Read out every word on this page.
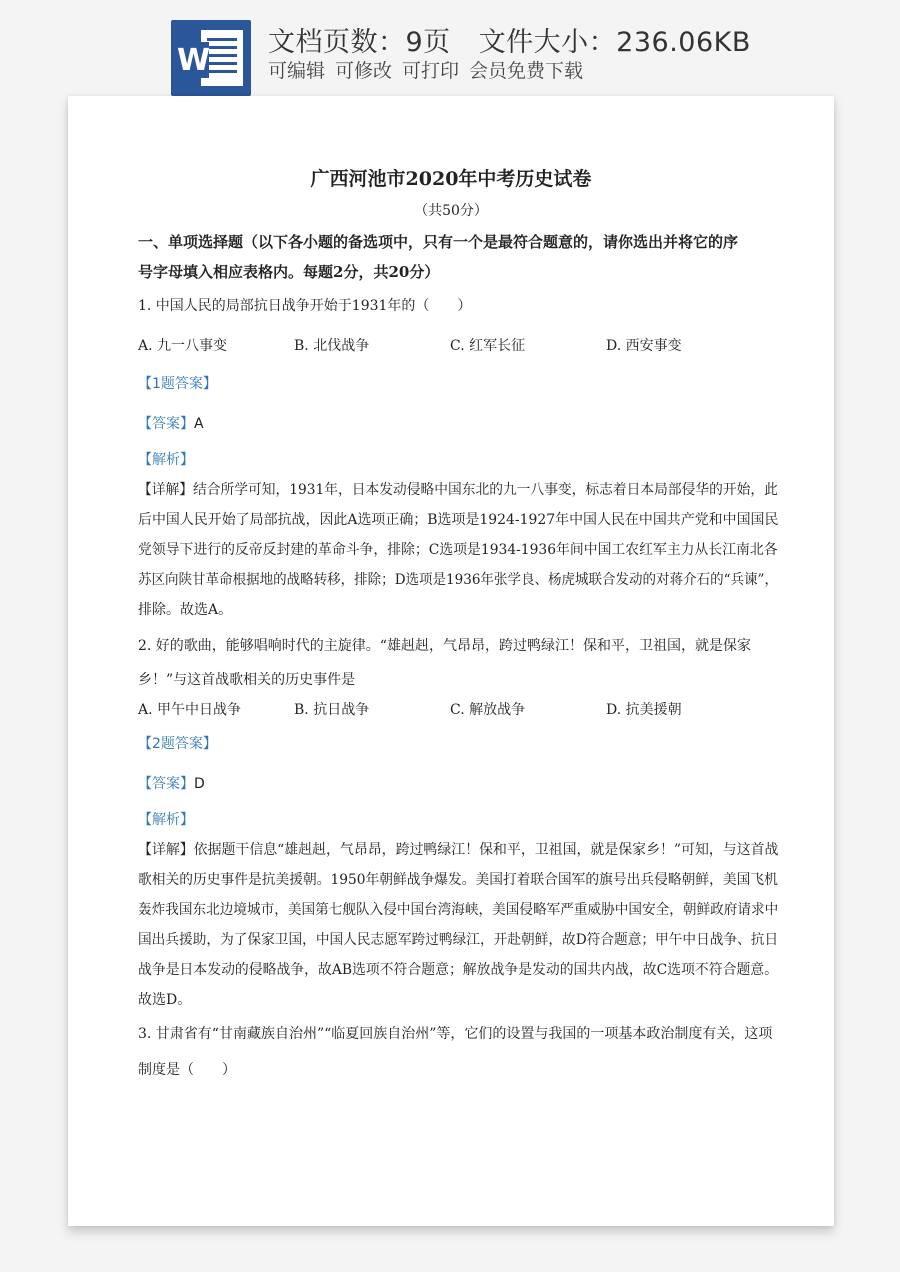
W
文档页数：9页 文件大小：236.06KB
可编辑 可修改 可打印 会员免费下载
广西河池市2020年中考历史试卷
（共50分）
一、单项选择题（以下各小题的备选项中，只有一个是最符合题意的，请你选出并将它的序
号字母填入相应表格内。每题2分，共20分）
1. 中国人民的局部抗日战争开始于1931年的（　　）
A. 九一八事变	B. 北伐战争	C. 红军长征	D. 西安事变
【1题答案】
【答案】A
【解析】
【详解】结合所学可知，1931年，日本发动侵略中国东北的九一八事变，标志着日本局部侵华的开始，此
后中国人民开始了局部抗战，因此A选项正确；B选项是1924-1927年中国人民在中国共产党和中国国民
党领导下进行的反帝反封建的革命斗争，排除；C选项是1934-1936年间中国工农红军主力从长江南北各
苏区向陕甘革命根据地的战略转移，排除；D选项是1936年张学良、杨虎城联合发动的对蒋介石的“兵谏”，
排除。故选A。
2. 好的歌曲，能够唱响时代的主旋律。“雄赳赳，气昂昂，跨过鸭绿江！保和平，卫祖国，就是保家
乡！”与这首战歌相关的历史事件是
A. 甲午中日战争	B. 抗日战争	C. 解放战争	D. 抗美援朝
【2题答案】
【答案】D
【解析】
【详解】依据题干信息“雄赳赳，气昂昂，跨过鸭绿江！保和平，卫祖国，就是保家乡！”可知，与这首战
歌相关的历史事件是抗美援朝。1950年朝鲜战争爆发。美国打着联合国军的旗号出兵侵略朝鲜，美国飞机
轰炸我国东北边境城市，美国第七舰队入侵中国台湾海峡，美国侵略军严重威胁中国安全，朝鲜政府请求中
国出兵援助，为了保家卫国，中国人民志愿军跨过鸭绿江，开赴朝鲜，故D符合题意；甲午中日战争、抗日
战争是日本发动的侵略战争，故AB选项不符合题意；解放战争是发动的国共内战，故C选项不符合题意。
故选D。
3. 甘肃省有“甘南藏族自治州”“临夏回族自治州”等，它们的设置与我国的一项基本政治制度有关，这项
制度是（　　）
